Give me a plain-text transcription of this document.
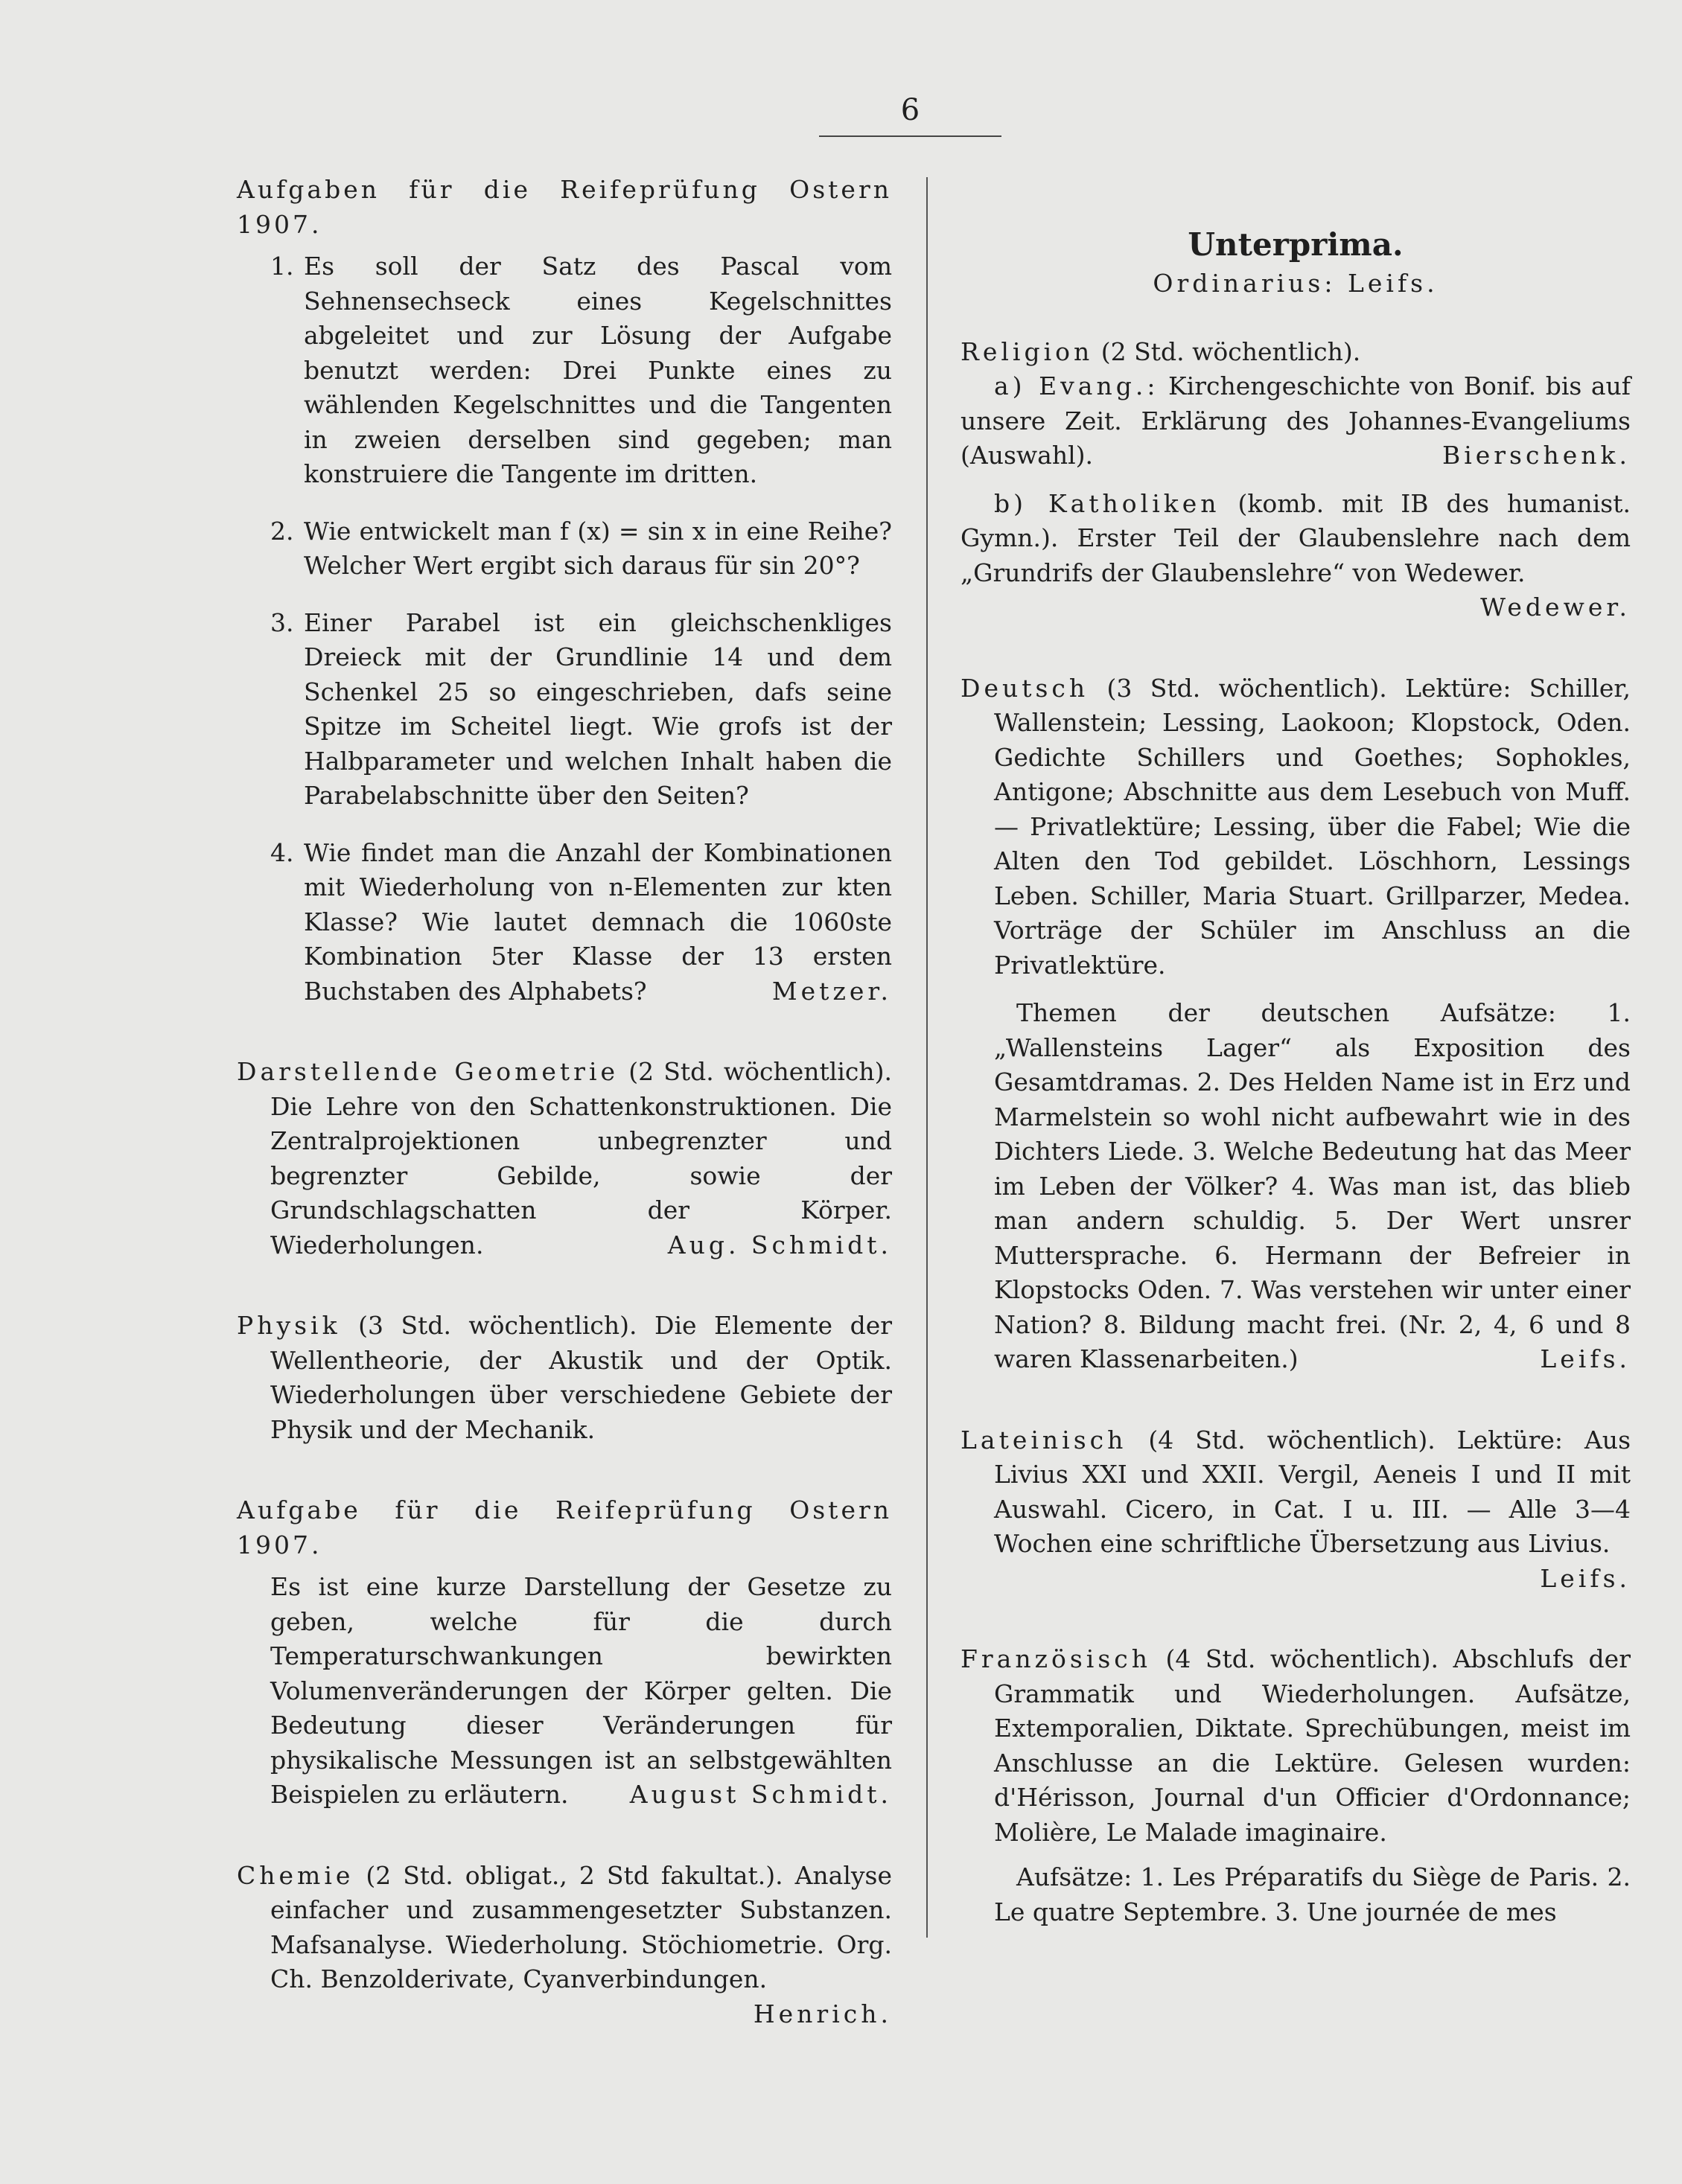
6

Aufgaben für die Reifeprüfung Ostern 1907.

1. Es soll der Satz des Pascal vom Sehnensechseck eines Kegelschnittes abgeleitet und zur Lösung der Aufgabe benutzt werden: Drei Punkte eines zu wählenden Kegelschnittes und die Tangenten in zweien derselben sind gegeben; man konstruiere die Tangente im dritten.

2. Wie entwickelt man f (x) = sin x in eine Reihe? Welcher Wert ergibt sich daraus für sin 20°?

3. Einer Parabel ist ein gleichschenkliges Dreieck mit der Grundlinie 14 und dem Schenkel 25 so eingeschrieben, dafs seine Spitze im Scheitel liegt. Wie grofs ist der Halbparameter und welchen Inhalt haben die Parabelabschnitte über den Seiten?

4. Wie findet man die Anzahl der Kombinationen mit Wiederholung von n-Elementen zur kten Klasse? Wie lautet demnach die 1060ste Kombination 5ter Klasse der 13 ersten Buchstaben des Alphabets?	Metzer.

Darstellende Geometrie (2 Std. wöchentlich). Die Lehre von den Schattenkonstruktionen. Die Zentralprojektionen unbegrenzter und begrenzter Gebilde, sowie der Grundschlagschatten der Körper. Wiederholungen.	Aug. Schmidt.

Physik (3 Std. wöchentlich). Die Elemente der Wellentheorie, der Akustik und der Optik. Wiederholungen über verschiedene Gebiete der Physik und der Mechanik.

Aufgabe für die Reifeprüfung Ostern 1907.

Es ist eine kurze Darstellung der Gesetze zu geben, welche für die durch Temperaturschwankungen bewirkten Volumenveränderungen der Körper gelten. Die Bedeutung dieser Veränderungen für physikalische Messungen ist an selbstgewählten Beispielen zu erläutern. August Schmidt.

Chemie (2 Std. obligat., 2 Std fakultat.). Analyse einfacher und zusammengesetzter Substanzen. Mafsanalyse. Wiederholung. Stöchiometrie. Org. Ch. Benzolderivate, Cyanverbindungen.

Henrich.

Unterprima.

Ordinarius: Leifs.

Religion (2 Std. wöchentlich).

a) Evang.: Kirchengeschichte von Bonif. bis auf unsere Zeit. Erklärung des Johannes-Evangeliums (Auswahl).	Bierschenk.

b) Katholiken (komb. mit IB des humanist. Gymn.). Erster Teil der Glaubenslehre nach dem „Grundrifs der Glaubenslehre“ von Wedewer.
Wedewer.

Deutsch (3 Std. wöchentlich). Lektüre: Schiller, Wallenstein; Lessing, Laokoon; Klopstock, Oden. Gedichte Schillers und Goethes; Sophokles, Antigone; Abschnitte aus dem Lesebuch von Muff. — Privatlektüre; Lessing, über die Fabel; Wie die Alten den Tod gebildet. Löschhorn, Lessings Leben. Schiller, Maria Stuart. Grillparzer, Medea. Vorträge der Schüler im Anschluss an die Privatlektüre.

Themen der deutschen Aufsätze: 1. „Wallensteins Lager“ als Exposition des Gesamtdramas. 2. Des Helden Name ist in Erz und Marmelstein so wohl nicht aufbewahrt wie in des Dichters Liede. 3. Welche Bedeutung hat das Meer im Leben der Völker? 4. Was man ist, das blieb man andern schuldig. 5. Der Wert unsrer Muttersprache. 6. Hermann der Befreier in Klopstocks Oden. 7. Was verstehen wir unter einer Nation? 8. Bildung macht frei. (Nr. 2, 4, 6 und 8 waren Klassenarbeiten.)	Leifs.

Lateinisch (4 Std. wöchentlich). Lektüre: Aus Livius XXI und XXII. Vergil, Aeneis I und II mit Auswahl. Cicero, in Cat. I u. III. — Alle 3—4 Wochen eine schriftliche Übersetzung aus Livius.
Leifs.

Französisch (4 Std. wöchentlich). Abschlufs der Grammatik und Wiederholungen. Aufsätze, Extemporalien, Diktate. Sprechübungen, meist im Anschlusse an die Lektüre. Gelesen wurden: d'Hérisson, Journal d'un Officier d'Ordonnance; Molière, Le Malade imaginaire.

Aufsätze: 1. Les Préparatifs du Siège de Paris. 2. Le quatre Septembre. 3. Une journée de mes
